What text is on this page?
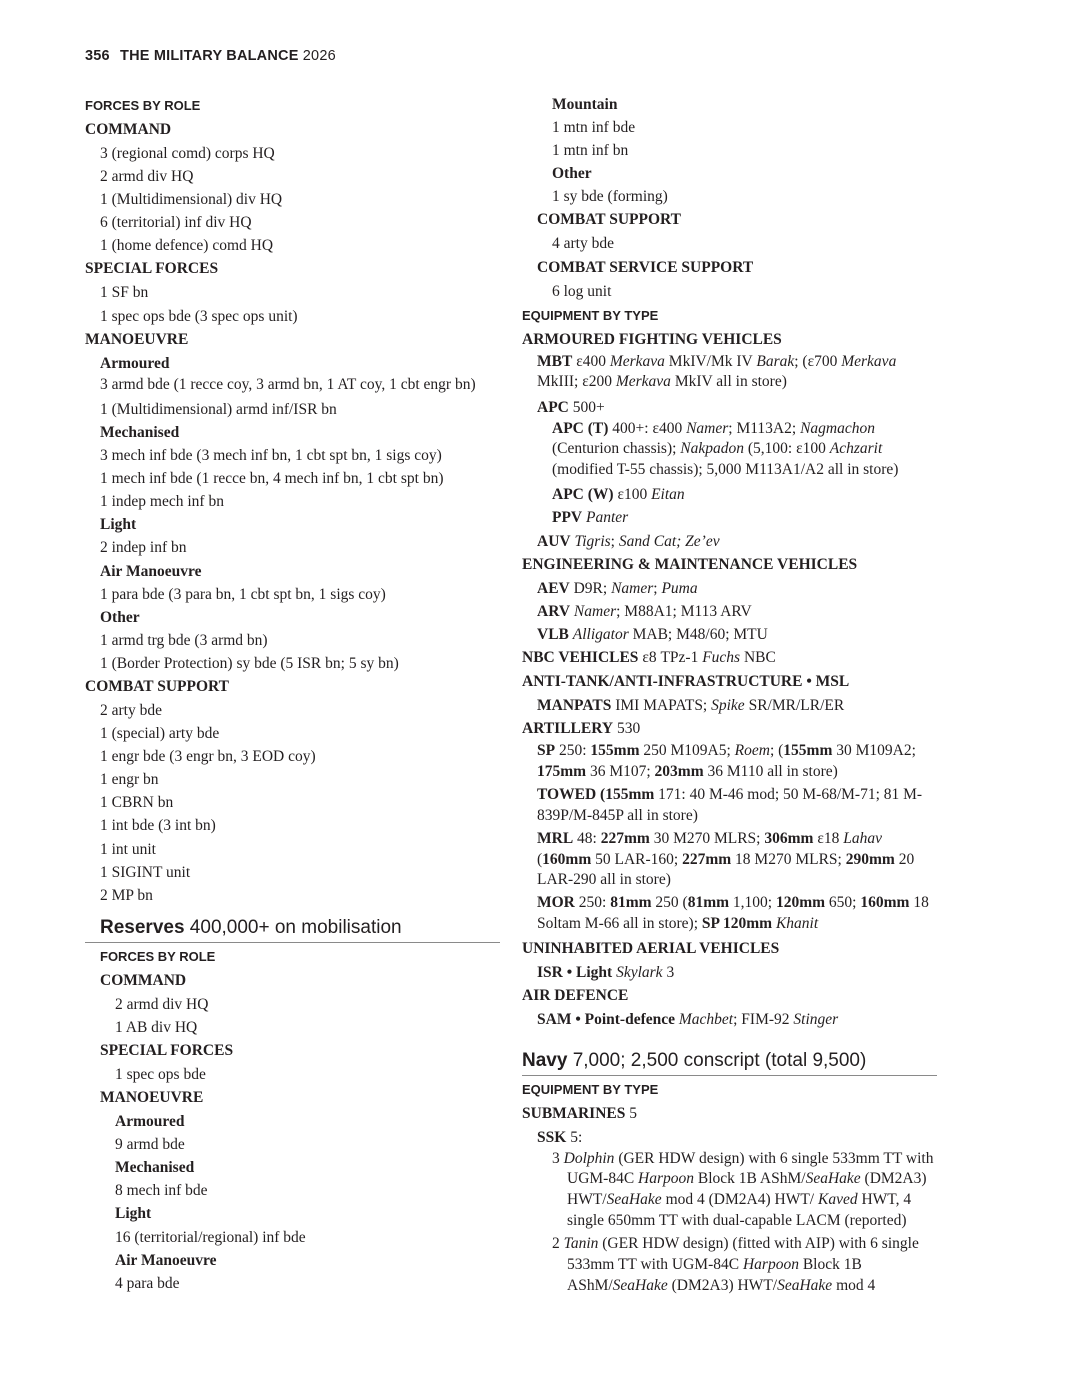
356 THE MILITARY BALANCE 2026
FORCES BY ROLE
COMMAND
3 (regional comd) corps HQ
2 armd div HQ
1 (Multidimensional) div HQ
6 (territorial) inf div HQ
1 (home defence) comd HQ
SPECIAL FORCES
1 SF bn
1 spec ops bde (3 spec ops unit)
MANOEUVRE
Armoured
3 armd bde (1 recce coy, 3 armd bn, 1 AT coy, 1 cbt engr bn)
1 (Multidimensional) armd inf/ISR bn
Mechanised
3 mech inf bde (3 mech inf bn, 1 cbt spt bn, 1 sigs coy)
1 mech inf bde (1 recce bn, 4 mech inf bn, 1 cbt spt bn)
1 indep mech inf bn
Light
2 indep inf bn
Air Manoeuvre
1 para bde (3 para bn, 1 cbt spt bn, 1 sigs coy)
Other
1 armd trg bde (3 armd bn)
1 (Border Protection) sy bde (5 ISR bn; 5 sy bn)
COMBAT SUPPORT
2 arty bde
1 (special) arty bde
1 engr bde (3 engr bn, 3 EOD coy)
1 engr bn
1 CBRN bn
1 int bde (3 int bn)
1 int unit
1 SIGINT unit
2 MP bn
Reserves 400,000+ on mobilisation
FORCES BY ROLE
COMMAND
2 armd div HQ
1 AB div HQ
SPECIAL FORCES
1 spec ops bde
MANOEUVRE
Armoured
9 armd bde
Mechanised
8 mech inf bde
Light
16 (territorial/regional) inf bde
Air Manoeuvre
4 para bde
Mountain
1 mtn inf bde
1 mtn inf bn
Other
1 sy bde (forming)
COMBAT SUPPORT
4 arty bde
COMBAT SERVICE SUPPORT
6 log unit
EQUIPMENT BY TYPE
ARMOURED FIGHTING VEHICLES
MBT ε400 Merkava MkIV/Mk IV Barak; (ε700 Merkava MkIII; ε200 Merkava MkIV all in store)
APC 500+
APC (T) 400+: ε400 Namer; M113A2; Nagmachon (Centurion chassis); Nakpadon (5,100: ε100 Achzarit (modified T-55 chassis); 5,000 M113A1/A2 all in store)
APC (W) ε100 Eitan
PPV Panter
AUV Tigris; Sand Cat; Ze’ev
ENGINEERING & MAINTENANCE VEHICLES
AEV D9R; Namer; Puma
ARV Namer; M88A1; M113 ARV
VLB Alligator MAB; M48/60; MTU
NBC VEHICLES ε8 TPz-1 Fuchs NBC
ANTI-TANK/ANTI-INFRASTRUCTURE • MSL
MANPATS IMI MAPATS; Spike SR/MR/LR/ER
ARTILLERY 530
SP 250: 155mm 250 M109A5; Roem; (155mm 30 M109A2; 175mm 36 M107; 203mm 36 M110 all in store)
TOWED (155mm 171: 40 M-46 mod; 50 M-68/M-71; 81 M-839P/M-845P all in store)
MRL 48: 227mm 30 M270 MLRS; 306mm ε18 Lahav (160mm 50 LAR-160; 227mm 18 M270 MLRS; 290mm 20 LAR-290 all in store)
MOR 250: 81mm 250 (81mm 1,100; 120mm 650; 160mm 18 Soltam M-66 all in store); SP 120mm Khanit
UNINHABITED AERIAL VEHICLES
ISR • Light Skylark 3
AIR DEFENCE
SAM • Point-defence Machbet; FIM-92 Stinger
Navy 7,000; 2,500 conscript (total 9,500)
EQUIPMENT BY TYPE
SUBMARINES 5
SSK 5:
3 Dolphin (GER HDW design) with 6 single 533mm TT with UGM-84C Harpoon Block 1B AShM/SeaHake (DM2A3) HWT/SeaHake mod 4 (DM2A4) HWT/ Kaved HWT, 4 single 650mm TT with dual-capable LACM (reported)
2 Tanin (GER HDW design) (fitted with AIP) with 6 single 533mm TT with UGM-84C Harpoon Block 1B AShM/SeaHake (DM2A3) HWT/SeaHake mod 4
